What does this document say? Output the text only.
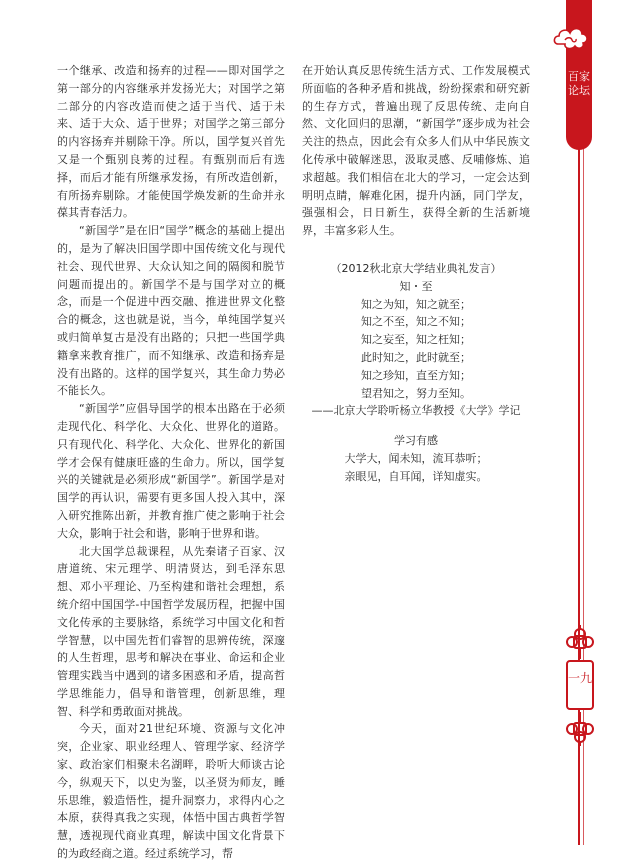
百家论坛
一九

一个继承、改造和扬弃的过程——即对国学之第一部分的内容继承并发扬光大；对国学之第二部分的内容改造而使之适于当代、适于未来、适于大众、适于世界；对国学之第三部分的内容扬弃并剔除干净。所以，国学复兴首先又是一个甄别良莠的过程。有甄别而后有选择，而后才能有所继承发扬，有所改造创新，有所扬弃剔除。才能使国学焕发新的生命并永葆其青春活力。

“新国学”是在旧“国学”概念的基础上提出的，是为了解决旧国学即中国传统文化与现代社会、现代世界、大众认知之间的隔阂和脱节问题而提出的。新国学不是与国学对立的概念，而是一个促进中西交融、推进世界文化整合的概念，这也就是说，当今，单纯国学复兴或归简单复古是没有出路的；只把一些国学典籍拿来教育推广，而不知继承、改造和扬弃是没有出路的。这样的国学复兴，其生命力势必不能长久。

“新国学”应倡导国学的根本出路在于必须走现代化、科学化、大众化、世界化的道路。只有现代化、科学化、大众化、世界化的新国学才会保有健康旺盛的生命力。所以，国学复兴的关键就是必须形成“新国学”。新国学是对国学的再认识，需要有更多国人投入其中，深入研究推陈出新，并教育推广使之影响于社会大众，影响于社会和谐，影响于世界和谐。

北大国学总裁课程，从先秦诸子百家、汉唐道统、宋元理学、明清贤达，到毛泽东思想、邓小平理论、乃至构建和谐社会理想，系统介绍中国国学-中国哲学发展历程，把握中国文化传承的主要脉络，系统学习中国文化和哲学智慧，以中国先哲们睿智的思辨传统，深邃的人生哲理，思考和解决在事业、命运和企业管理实践当中遇到的诸多困惑和矛盾，提高哲学思维能力，倡导和谐管理，创新思维，理智、科学和勇敢面对挑战。

今天，面对21世纪环境、资源与文化冲突，企业家、职业经理人、管理学家、经济学家、政治家们相聚未名湖畔，聆听大师谈古论今，纵观天下，以史为鉴，以圣贤为师友，睡乐思维，毅造悟性，提升洞察力，求得内心之本原，获得真我之实现，体悟中国古典哲学智慧，透视现代商业真理，解读中国文化背景下的为政经商之道。经过系统学习，帮

在开始认真反思传统生活方式、工作发展模式所面临的各种矛盾和挑战，纷纷探索和研究新的生存方式，普遍出现了反思传统、走向自然、文化回归的思潮，“新国学”逐步成为社会关注的热点，因此会有众多人们从中华民族文化传承中破解迷思，汲取灵感、反哺修炼、追求超越。我们相信在北大的学习，一定会达到明明点睛，解难化困，提升内涵，同门学友，强强相会，日日新生，获得全新的生活新境界，丰富多彩人生。

（2012秋北京大学结业典礼发言）
知・至
知之为知，知之就至；
知之不至，知之不知；
知之妄至，知之枉知；
此时知之，此时就至；
知之珍知，直至方知；
望君知之，努力至知。
——北京大学聆听杨立华教授《大学》学记
学习有感
大学大，闻未知，流耳恭听；
亲眼见，自耳闻，详知虚实。
